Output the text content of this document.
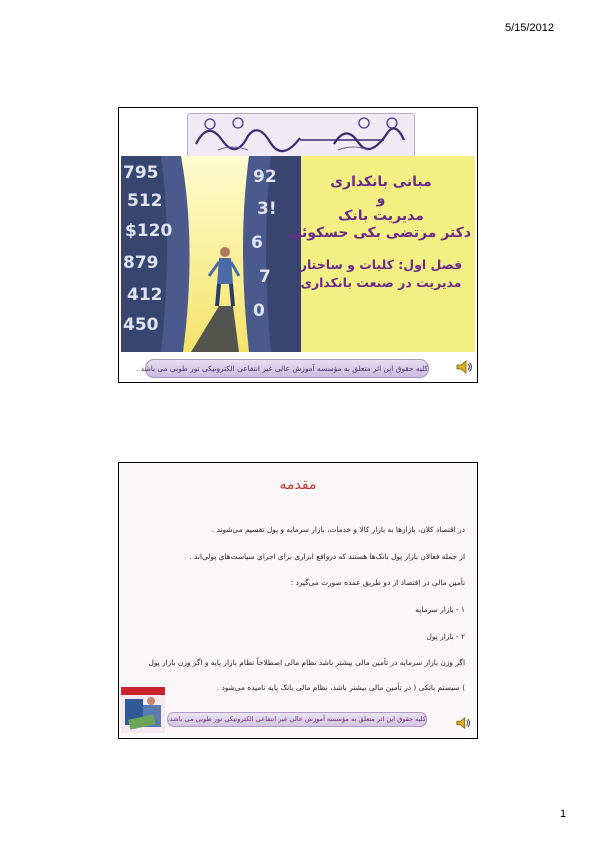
5/15/2012
795
512
$120
879
412
450
92
3!
6
7
0
مبانی بانکداری
و
مدیریت بانک
دکتر مرتضی بکی حسکوئی
فصل اول: کلیات و ساختار
مدیریت در صنعت بانکداری
کلیه حقوق این اثر متعلق به مؤسسه آموزش عالی غیر انتفاعی الکترونیکی نور طوبی می باشد .
مقدمه
در اقتصاد کلان، بازارها به بازار کالا و خدمات، بازار سرمایه و پول تقسیم می‌شوند .
از جمله فعالان بازار پول بانک‌ها هستند که درواقع ابزاری برای اجرای سیاست‌های پولی‌اند .
تأمین مالی در اقتصاد از دو طریق عمده صورت می‌گیرد :
۱ - بازار سرمایه
۲ - بازار پول
اگر وزن بازار سرمایه در تأمین مالی بیشتر باشد نظام مالی اصطلاحاً نظام بازار پایه و اگر وزن بازار پول
) سیستم بانکی ( در تأمین مالی بیشتر باشد، نظام مالی بانک پایه نامیده می‌شود .
کلیه حقوق این اثر متعلق به مؤسسه آموزش عالی غیر انتفاعی الکترونیکی نور طوبی می باشد.
1
